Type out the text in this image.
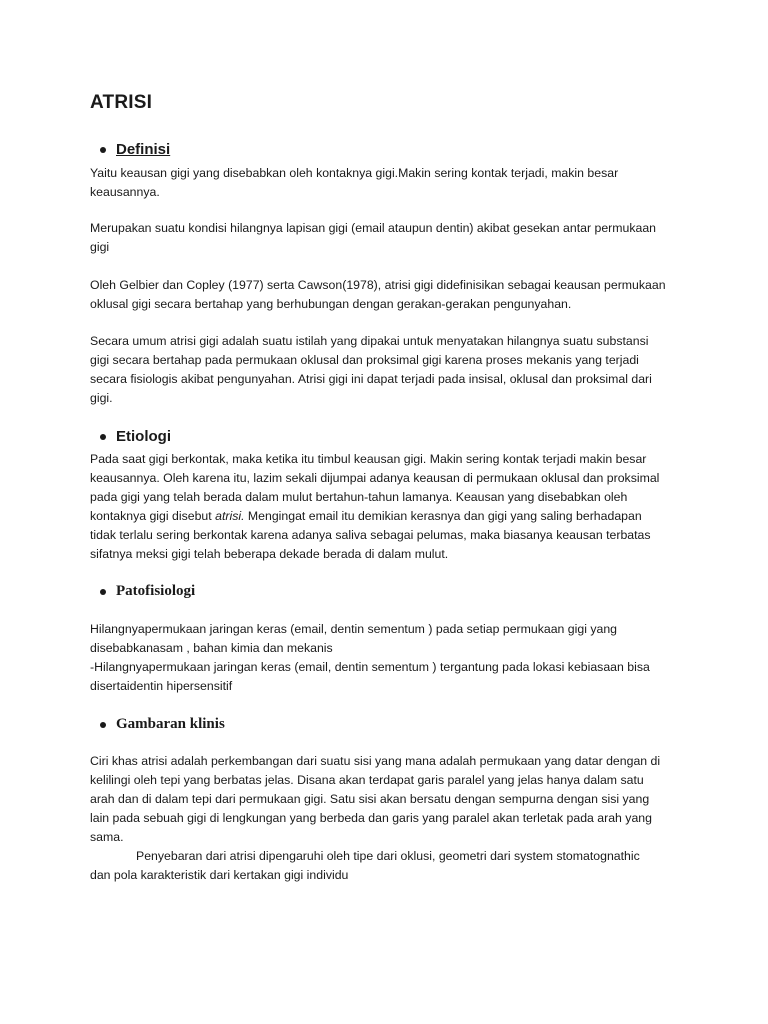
ATRISI
Definisi

Yaitu keausan gigi yang disebabkan oleh kontaknya gigi.Makin sering kontak terjadi, makin besar
keausannya.

Merupakan suatu kondisi hilangnya lapisan gigi (email ataupun dentin) akibat gesekan antar permukaan
gigi

Oleh Gelbier dan Copley (1977) serta Cawson(1978), atrisi gigi didefinisikan sebagai keausan permukaan
oklusal gigi secara bertahap yang berhubungan dengan gerakan-gerakan pengunyahan.

Secara umum atrisi gigi adalah suatu istilah yang dipakai untuk menyatakan hilangnya suatu substansi
gigi secara bertahap pada permukaan oklusal dan proksimal gigi karena proses mekanis yang terjadi
secara fisiologis akibat pengunyahan. Atrisi gigi ini dapat terjadi pada insisal, oklusal dan proksimal dari
gigi.

Etiologi

Pada saat gigi berkontak, maka ketika itu timbul keausan gigi. Makin sering kontak terjadi makin besar
keausannya. Oleh karena itu, lazim sekali dijumpai adanya keausan di permukaan oklusal dan proksimal
pada gigi yang telah berada dalam mulut bertahun-tahun lamanya. Keausan yang disebabkan oleh
kontaknya gigi disebut atrisi. Mengingat email itu demikian kerasnya dan gigi yang saling berhadapan
tidak terlalu sering berkontak karena adanya saliva sebagai pelumas, maka biasanya keausan terbatas
sifatnya meksi gigi telah beberapa dekade berada di dalam mulut.

Patofisiologi

Hilangnyapermukaan jaringan keras (email, dentin sementum ) pada setiap permukaan gigi yang
disebabkanasam , bahan kimia dan mekanis
-Hilangnyapermukaan jaringan keras (email, dentin sementum ) tergantung pada lokasi kebiasaan bisa
disertaidentin hipersensitif

Gambaran klinis

Ciri khas atrisi adalah perkembangan dari suatu sisi yang mana adalah permukaan yang datar dengan di
kelilingi oleh tepi yang berbatas jelas. Disana akan terdapat garis paralel yang jelas hanya dalam satu
arah dan di dalam tepi dari permukaan gigi. Satu sisi akan bersatu dengan sempurna dengan sisi yang
lain pada sebuah gigi di lengkungan yang berbeda dan garis yang paralel akan terletak pada arah yang
sama.

Penyebaran dari atrisi dipengaruhi oleh tipe dari oklusi, geometri dari system stomatognathic
dan pola karakteristik dari kertakan gigi individu
